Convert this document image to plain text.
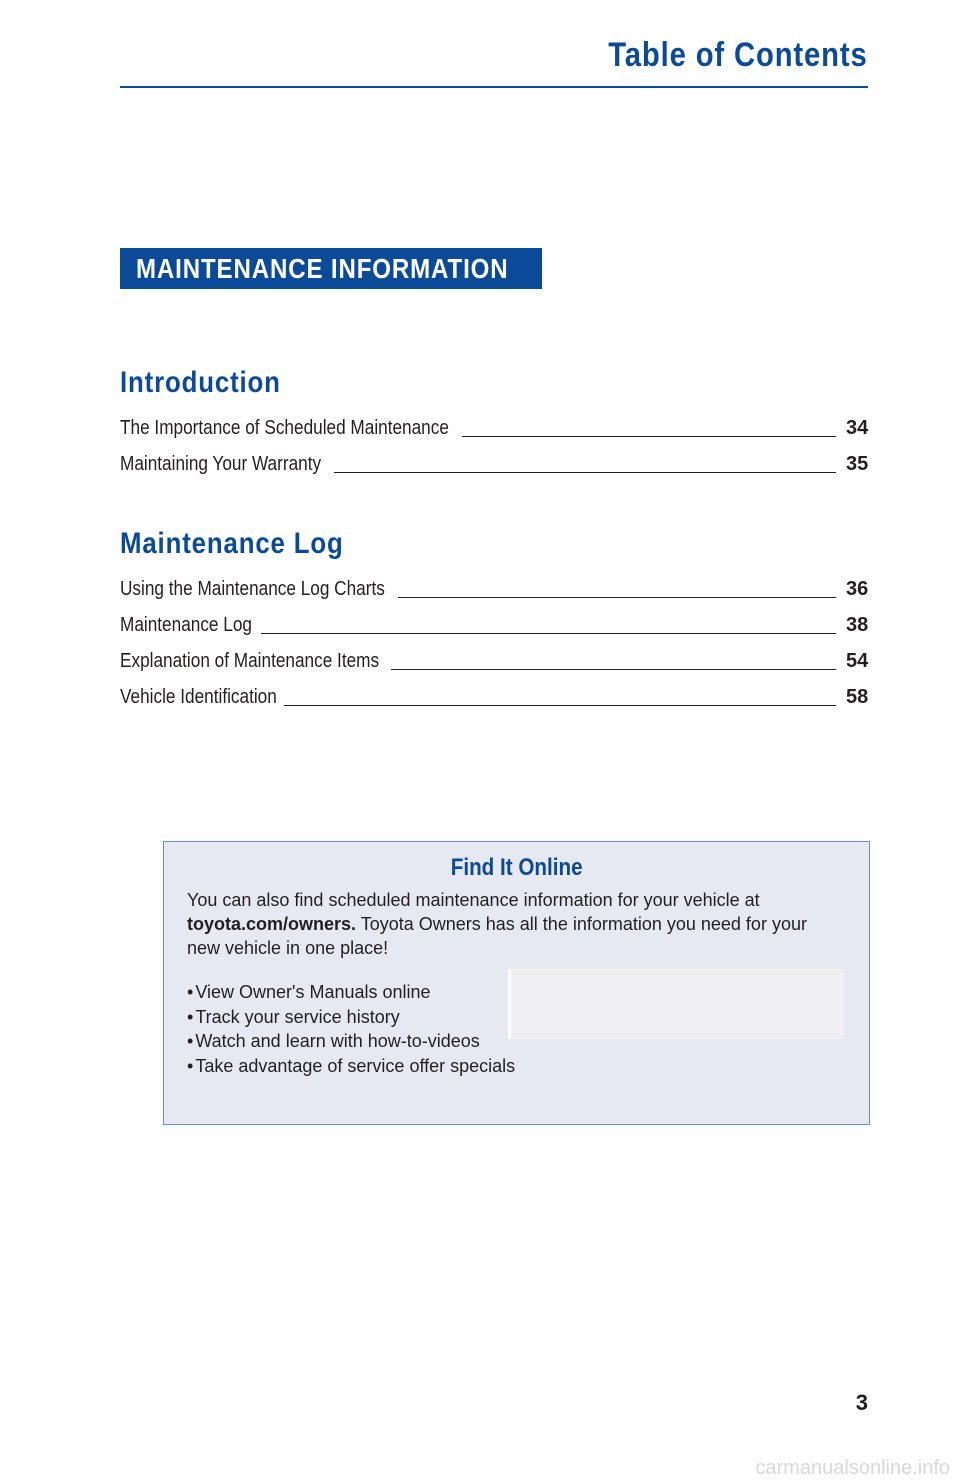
Table of Contents
MAINTENANCE INFORMATION
Introduction
The Importance of Scheduled Maintenance	34
Maintaining Your Warranty	35
Maintenance Log
Using the Maintenance Log Charts	36
Maintenance Log	38
Explanation of Maintenance Items	54
Vehicle Identification	58
Find It Online
You can also find scheduled maintenance information for your vehicle at toyota.com/owners. Toyota Owners has all the information you need for your new vehicle in one place!
• View Owner's Manuals online
• Track your service history
• Watch and learn with how-to-videos
• Take advantage of service offer specials
3
carmanualsonline.info
